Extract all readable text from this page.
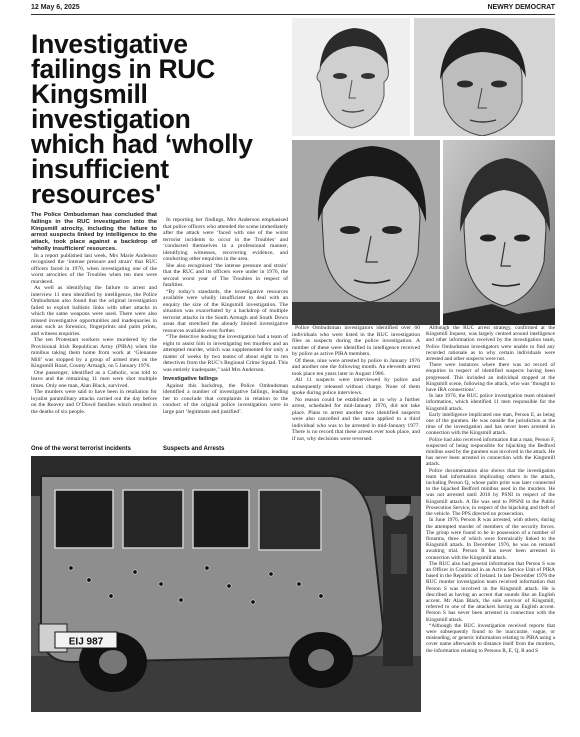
12 May 6, 2025	NEWRY DEMOCRAT
Investigative
failings in RUC
Kingsmill
investigation
which had ‘wholly
insufficient
resources'

The Police Ombudsman has concluded that failings in the RUC investigation into the Kingsmill atrocity, including the failure to arrest suspects linked by intelligence to the attack, took place against a backdrop of ‘wholly insufficient’ resources.

In a report published last week, Mrs Marie Anderson recognised the ‘intense pressure and strain’ that RUC officers faced in 1976, when investigating one of the worst atrocities of the Troubles when ten men were murdered.

As well as identifying the failure to arrest and interview 11 men identified by intelligence, the Police Ombudsman also found that the original investigation failed to exploit ballistic links with other attacks in which the same weapons were used. There were also missed investigative opportunities and inadequacies in areas such as forensics, fingerprints and palm prints, and witness enquiries.

The ten Protestant workers were murdered by the Provisional Irish Republican Army (PIRA) when the minibus taking them home from work at ‘Glenanne Mill’ was stopped by a group of armed men on the Kingsmill Road, County Armagh, on 5 January 1976.

One passenger, identified as a Catholic, was told to leave and the remaining 11 men were shot multiple times. Only one man, Alan Black, survived.

The murders were said to have been in retaliation for loyalist paramilitary attacks carried out the day before on the Reavey and O’Dowd families which resulted in the deaths of six people.

In reporting her findings, Mrs Anderson emphasised that police officers who attended the scene immediately after the attack were ‘faced with one of the worst terrorist incidents to occur in the Troubles’ and ‘conducted themselves in a professional manner, identifying witnesses, recovering evidence, and conducting other enquiries in the area.

She also recognised ‘the intense pressure and strain’ that the RUC and its officers were under in 1976, the second worst year of The Troubles in respect of fatalities.

“By today’s standards, the investigative resources available were wholly insufficient to deal with an enquiry the size of the Kingsmill investigation. The situation was exacerbated by a backdrop of multiple terrorist attacks in the South Armagh and South Down areas that stretched the already limited investigative resources available even further.

“The detective leading the investigation had a team of eight to assist him in investigating ten murders and an attempted murder, which was supplemented for only a matter of weeks by two teams of about eight to ten detectives from the RUC’s Regional Crime Squad. This was entirely inadequate,” said Mrs Anderson.

Investigative failings

Against this backdrop, the Police Ombudsman identified a number of investigative failings, leading her to conclude that complaints in relation to the conduct of the original police investigation were in large part ‘legitimate and justified’.

Police Ombudsman investigators identified over 60 individuals who were listed in the RUC investigation files as suspects during the police investigation. A number of these were identified in intelligence received by police as active PIRA members.

Of these, nine were arrested by police in January 1976 and another one the following month. An eleventh arrest took place ten years later in August 1986.

All 11 suspects were interviewed by police and subsequently released without charge. None of them spoke during police interviews.

No reason could be established as to why a further arrest, scheduled for mid-January 1976, did not take place. Plans to arrest another two identified suspects were also cancelled and the same applied to a third individual who was to be arrested in mid-January 1977. There is no record that these arrests ever took place, and if not, why decisions were reversed.

Although the RUC arrest strategy, confirmed at the Kingsmill Inquest, was largely centred around intelligence and other information received by the investigation team, Police Ombudsman investigators were unable to find any recorded rationale as to why certain individuals were arrested and other suspects were not.

There were instances where there was no record of enquiries in respect of identified suspects having been progressed. This included an individual stopped at the Kingsmill scene, following the attack, who was ‘thought to have IRA connections’.

In late 1976, the RUC police investigation team obtained information, which identified 11 men responsible for the Kingsmill attack.

Early intelligence implicated one man, Person E, as being one of the gunmen. He was outside the jurisdiction at the time of the investigation and has never been arrested in connection with the Kingsmill attack.

Police had also received information that a man, Person F, suspected of being responsible for hijacking the Bedford minibus used by the gunmen was involved in the attack. He has never been arrested in connection with the Kingsmill attack.

Police documentation also shows that the investigation team had information implicating others in the attack, including Person Q, whose palm print was later connected to the hijacked Bedford minibus used in the murders. He was not arrested until 2016 by PSNI in respect of the Kingsmill attack. A file was sent to PPSNI to the Public Prosecution Service, in respect of the hijacking and theft of the vehicle. The PPS directed no prosecution.

In June 1976, Person R was arrested, with others, during the attempted murder of members of the security forces. The group were found to be in possession of a number of firearms, three of which were forensically linked to the Kingsmill attack. In December 1976, he was on remand awaiting trial. Person R has never been arrested in connection with the Kingsmill attack.

The RUC also had general information that Person S was an Officer in Command in an Active Service Unit of PIRA based in the Republic of Ireland. In late December 1976 the RUC murder investigation team received information that Person S was involved in the Kingsmill attack. He is described as having an accent that sounds like an English accent. Mr Alan Black, the sole survivor of Kingsmill, referred to one of the attackers having an English accent. Person S has never been arrested in connection with the Kingsmill attack.

“Although the RUC investigation received reports that were subsequently found to be inaccurate, vague, or misleading, or generic information relating to PIRA using a cover name afterwards to distance itself from the murders, the information relating to Persons R, E, Q, R and S

One of the worst terrorist incidents	Suspects and Arrests
EIJ 987
